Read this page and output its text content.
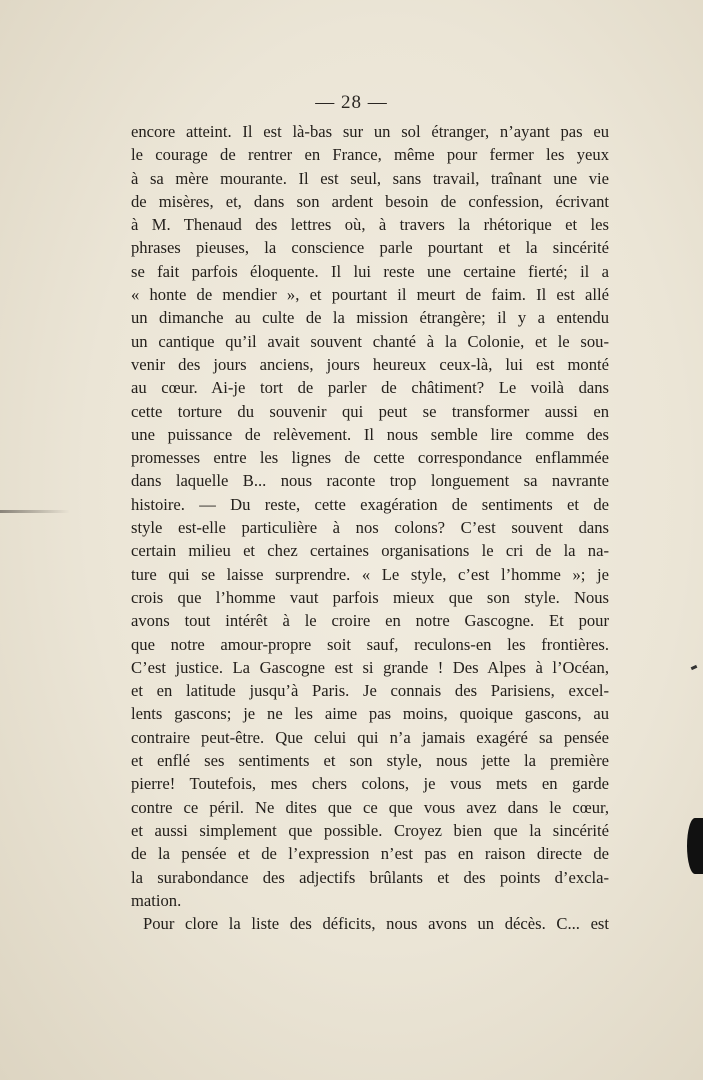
— 28 —
encore atteint. Il est là-bas sur un sol étranger, n’ayant pas eu
le courage de rentrer en France, même pour fermer les yeux
à sa mère mourante. Il est seul, sans travail, traînant une vie
de misères, et, dans son ardent besoin de confession, écrivant
à M. Thenaud des lettres où, à travers la rhétorique et les
phrases pieuses, la conscience parle pourtant et la sincérité
se fait parfois éloquente. Il lui reste une certaine fierté; il a
« honte de mendier », et pourtant il meurt de faim. Il est allé
un dimanche au culte de la mission étrangère; il y a entendu
un cantique qu’il avait souvent chanté à la Colonie, et le sou-
venir des jours anciens, jours heureux ceux-là, lui est monté
au cœur. Ai-je tort de parler de châtiment? Le voilà dans
cette torture du souvenir qui peut se transformer aussi en
une puissance de relèvement. Il nous semble lire comme des
promesses entre les lignes de cette correspondance enflammée
dans laquelle B... nous raconte trop longuement sa navrante
histoire. — Du reste, cette exagération de sentiments et de
style est-elle particulière à nos colons? C’est souvent dans
certain milieu et chez certaines organisations le cri de la na-
ture qui se laisse surprendre. « Le style, c’est l’homme »; je
crois que l’homme vaut parfois mieux que son style. Nous
avons tout intérêt à le croire en notre Gascogne. Et pour
que notre amour-propre soit sauf, reculons-en les frontières.
C’est justice. La Gascogne est si grande ! Des Alpes à l’Océan,
et en latitude jusqu’à Paris. Je connais des Parisiens, excel-
lents gascons; je ne les aime pas moins, quoique gascons, au
contraire peut-être. Que celui qui n’a jamais exagéré sa pensée
et enflé ses sentiments et son style, nous jette la première
pierre! Toutefois, mes chers colons, je vous mets en garde
contre ce péril. Ne dites que ce que vous avez dans le cœur,
et aussi simplement que possible. Croyez bien que la sincérité
de la pensée et de l’expression n’est pas en raison directe de
la surabondance des adjectifs brûlants et des points d’excla-
mation.
Pour clore la liste des déficits, nous avons un décès. C... est
